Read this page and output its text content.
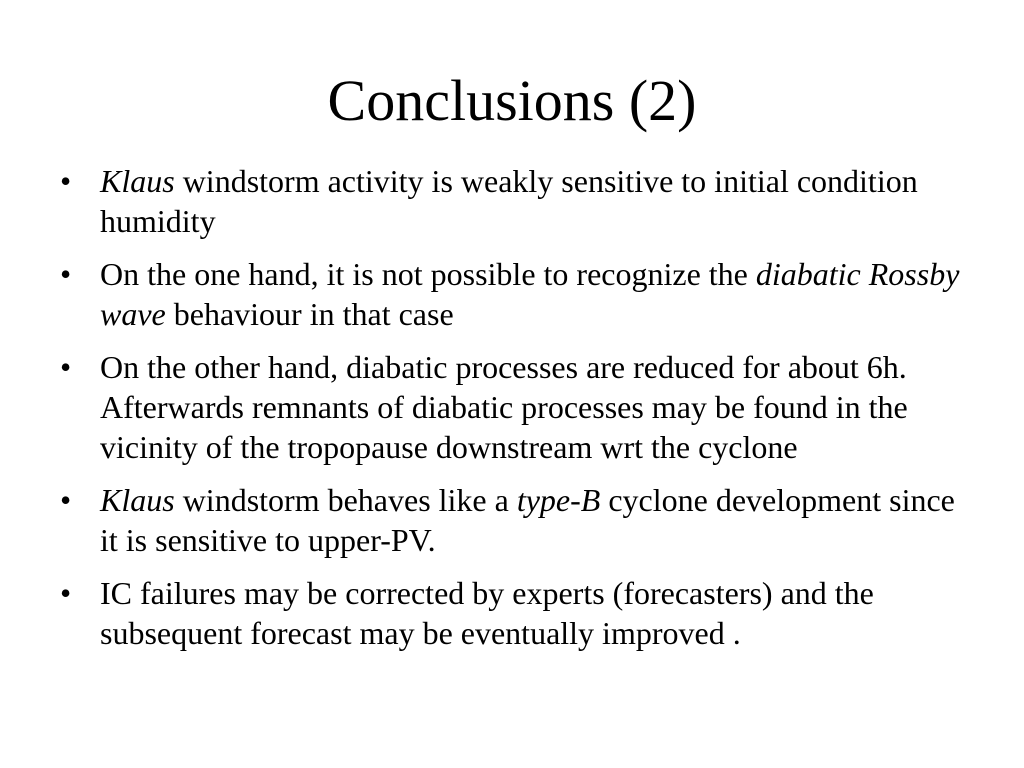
Conclusions (2)
• Klaus windstorm activity is weakly sensitive to initial condition humidity
• On the one hand, it is not possible to recognize the diabatic Rossby wave behaviour in that case
• On the other hand, diabatic processes are reduced for about 6h. Afterwards remnants of diabatic processes may be found in the vicinity of the tropopause downstream wrt the cyclone
• Klaus windstorm behaves like a type-B cyclone development since it is sensitive to upper-PV.
• IC failures may be corrected by experts (forecasters) and the subsequent forecast may be eventually improved .
